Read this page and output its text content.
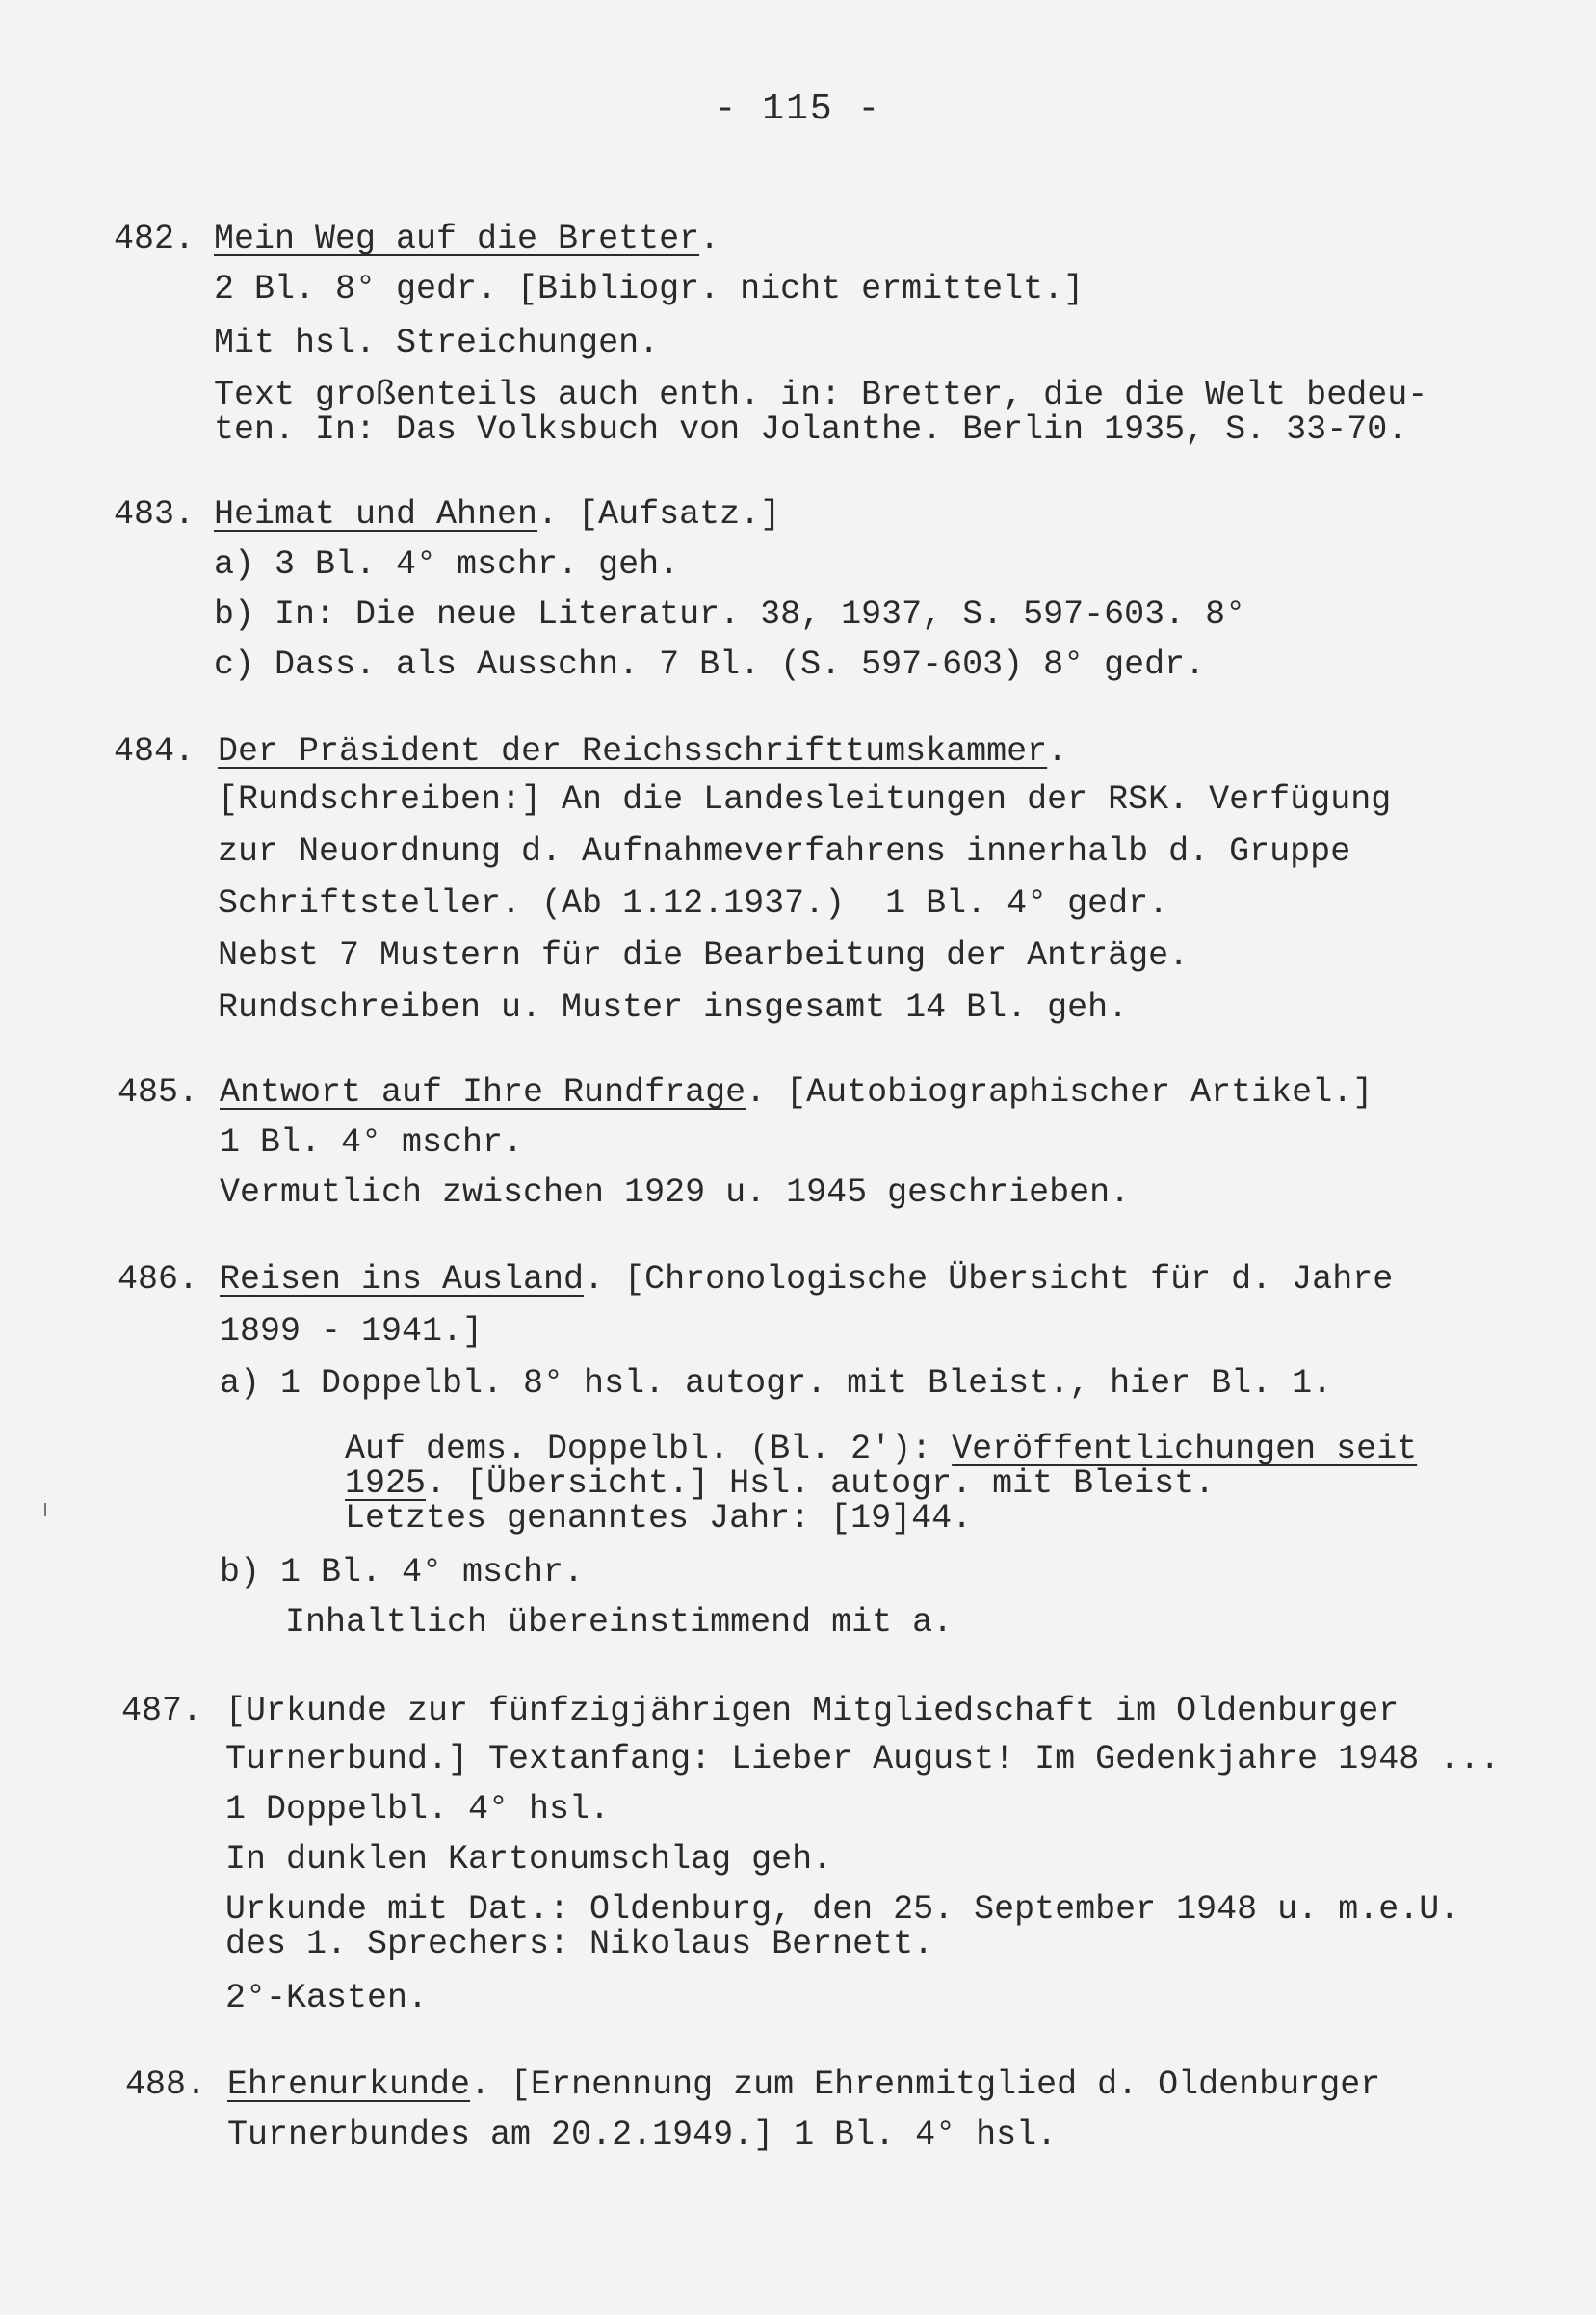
- 115 -
482. Mein Weg auf die Bretter.
2 Bl. 8° gedr. [Bibliogr. nicht ermittelt.]
Mit hsl. Streichungen.
Text großenteils auch enth. in: Bretter, die die Welt bedeu-
ten. In: Das Volksbuch von Jolanthe. Berlin 1935, S. 33-70.
483. Heimat und Ahnen. [Aufsatz.]
a) 3 Bl. 4° mschr. geh.
b) In: Die neue Literatur. 38, 1937, S. 597-603. 8°
c) Dass. als Ausschn. 7 Bl. (S. 597-603) 8° gedr.
484. Der Präsident der Reichsschrifttumskammer.
[Rundschreiben:] An die Landesleitungen der RSK. Verfügung
zur Neuordnung d. Aufnahmeverfahrens innerhalb d. Gruppe
Schriftsteller. (Ab 1.12.1937.)  1 Bl. 4° gedr.
Nebst 7 Mustern für die Bearbeitung der Anträge.
Rundschreiben u. Muster insgesamt 14 Bl. geh.
485. Antwort auf Ihre Rundfrage. [Autobiographischer Artikel.]
1 Bl. 4° mschr.
Vermutlich zwischen 1929 u. 1945 geschrieben.
486. Reisen ins Ausland. [Chronologische Übersicht für d. Jahre
1899 - 1941.]
a) 1 Doppelbl. 8° hsl. autogr. mit Bleist., hier Bl. 1.
Auf dems. Doppelbl. (Bl. 2'): Veröffentlichungen seit
1925. [Übersicht.] Hsl. autogr. mit Bleist.
Letztes genanntes Jahr: [19]44.
b) 1 Bl. 4° mschr.
Inhaltlich übereinstimmend mit a.
487. [Urkunde zur fünfzigjährigen Mitgliedschaft im Oldenburger
Turnerbund.] Textanfang: Lieber August! Im Gedenkjahre 1948 ...
1 Doppelbl. 4° hsl.
In dunklen Kartonumschlag geh.
Urkunde mit Dat.: Oldenburg, den 25. September 1948 u. m.e.U.
des 1. Sprechers: Nikolaus Bernett.
2°-Kasten.
488. Ehrenurkunde. [Ernennung zum Ehrenmitglied d. Oldenburger
Turnerbundes am 20.2.1949.] 1 Bl. 4° hsl.
